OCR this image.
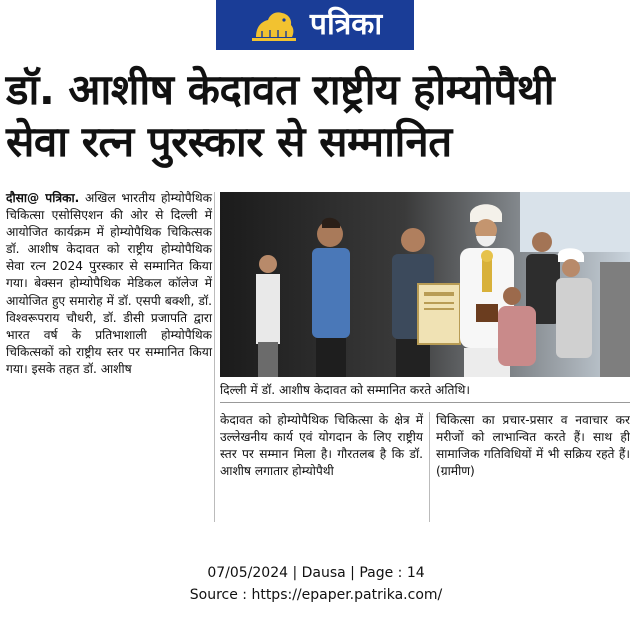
पत्रिका
डॉ. आशीष केदावत राष्ट्रीय होम्योपैथी
सेवा रत्न पुरस्कार से सम्मानित
दौसा@ पत्रिका. अखिल भारतीय होम्योपैथिक चिकित्सा एसोसिएशन की ओर से दिल्ली में आयोजित कार्यक्रम में होम्योपैथिक चिकित्सक डॉ. आशीष केदावत को राष्ट्रीय होम्योपैथिक सेवा रत्न 2024 पुरस्कार से सम्मानित किया गया। बेक्सन होम्योपैथिक मेडिकल कॉलेज में आयोजित हुए समारोह में डॉ. एसपी बक्शी, डॉ. विश्वरूपराय चौधरी, डॉ. डीसी प्रजापति द्वारा भारत वर्ष के प्रतिभाशाली होम्योपैथिक चिकित्सकों को राष्ट्रीय स्तर पर सम्मानित किया गया। इसके तहत डॉ. आशीष
दिल्ली में डॉ. आशीष केदावत को सम्मानित करते अतिथि।
केदावत को होम्योपैथिक चिकित्सा के क्षेत्र में उल्लेखनीय कार्य एवं योगदान के लिए राष्ट्रीय स्तर पर सम्मान मिला है। गौरतलब है कि डॉ. आशीष लगातार होम्योपैथी
चिकित्सा का प्रचार-प्रसार व नवाचार कर मरीजों को लाभान्वित करते हैं। साथ ही सामाजिक गतिविधियों में भी सक्रिय रहते हैं। (ग्रामीण)
07/05/2024 | Dausa | Page : 14
Source : https://epaper.patrika.com/
